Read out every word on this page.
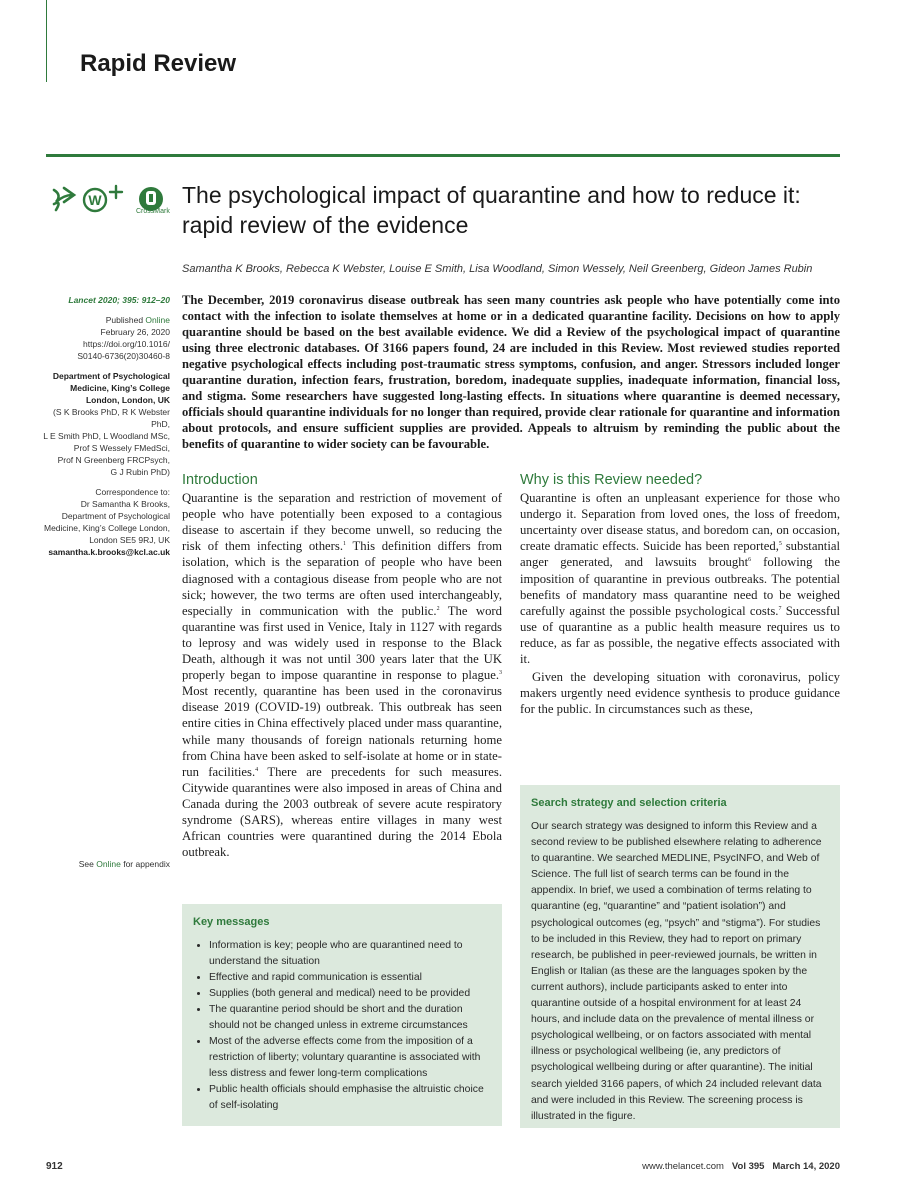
Rapid Review
W
CrossMark
The psychological impact of quarantine and how to reduce it: rapid review of the evidence
Samantha K Brooks, Rebecca K Webster, Louise E Smith, Lisa Woodland, Simon Wessely, Neil Greenberg, Gideon James Rubin
Lancet 2020; 395: 912–20
Published Online
February 26, 2020
https://doi.org/10.1016/
S0140-6736(20)30460-8
Department of Psychological
Medicine, King’s College
London, London, UK
(S K Brooks PhD, R K Webster PhD,
L E Smith PhD, L Woodland MSc,
Prof S Wessely FMedSci,
Prof N Greenberg FRCPsych,
G J Rubin PhD)
Correspondence to:
Dr Samantha K Brooks,
Department of Psychological
Medicine, King’s College London,
London SE5 9RJ, UK
samantha.k.brooks@kcl.ac.uk
See Online for appendix
The December, 2019 coronavirus disease outbreak has seen many countries ask people who have potentially come into contact with the infection to isolate themselves at home or in a dedicated quarantine facility. Decisions on how to apply quarantine should be based on the best available evidence. We did a Review of the psychological impact of quarantine using three electronic databases. Of 3166 papers found, 24 are included in this Review. Most reviewed studies reported negative psychological effects including post-traumatic stress symptoms, confusion, and anger. Stressors included longer quarantine duration, infection fears, frustration, boredom, inadequate supplies, inadequate information, financial loss, and stigma. Some researchers have suggested long-lasting effects. In situations where quarantine is deemed necessary, officials should quarantine individuals for no longer than required, provide clear rationale for quarantine and information about protocols, and ensure sufficient supplies are provided. Appeals to altruism by reminding the public about the benefits of quarantine to wider society can be favourable.
Introduction

Quarantine is the separation and restriction of movement of people who have potentially been exposed to a contagious disease to ascertain if they become unwell, so reducing the risk of them infecting others.$^1$ This definition differs from isolation, which is the separation of people who have been diagnosed with a contagious disease from people who are not sick; however, the two terms are often used interchangeably, especially in communication with the public.$^2$ The word quarantine was first used in Venice, Italy in 1127 with regards to leprosy and was widely used in response to the Black Death, although it was not until 300 years later that the UK properly began to impose quarantine in response to plague.$^3$ Most recently, quarantine has been used in the coronavirus disease 2019 (COVID-19) outbreak. This outbreak has seen entire cities in China effectively placed under mass quarantine, while many thousands of foreign nationals returning home from China have been asked to self-isolate at home or in state-run facilities.$^4$ There are precedents for such measures. Citywide quarantines were also imposed in areas of China and Canada during the 2003 outbreak of severe acute respiratory syndrome (SARS), whereas entire villages in many west African countries were quarantined during the 2014 Ebola outbreak.

Why is this Review needed?

Quarantine is often an unpleasant experience for those who undergo it. Separation from loved ones, the loss of freedom, uncertainty over disease status, and boredom can, on occasion, create dramatic effects. Suicide has been reported,$^5$ substantial anger generated, and lawsuits brought$^6$ following the imposition of quarantine in previous outbreaks. The potential benefits of mandatory mass quarantine need to be weighed carefully against the possible psychological costs.$^7$ Successful use of quarantine as a public health measure requires us to reduce, as far as possible, the negative effects associated with it.

Given the developing situation with coronavirus, policy makers urgently need evidence synthesis to produce guidance for the public. In circumstances such as these,

Key messages
• Information is key; people who are quarantined need to understand the situation
• Effective and rapid communication is essential
• Supplies (both general and medical) need to be provided
• The quarantine period should be short and the duration should not be changed unless in extreme circumstances
• Most of the adverse effects come from the imposition of a restriction of liberty; voluntary quarantine is associated with less distress and fewer long-term complications
• Public health officials should emphasise the altruistic choice of self-isolating
Search strategy and selection criteria

Our search strategy was designed to inform this Review and a second review to be published elsewhere relating to adherence to quarantine. We searched MEDLINE, PsycINFO, and Web of Science. The full list of search terms can be found in the appendix. In brief, we used a combination of terms relating to quarantine (eg, “quarantine” and “patient isolation”) and psychological outcomes (eg, “psych” and “stigma”). For studies to be included in this Review, they had to report on primary research, be published in peer-reviewed journals, be written in English or Italian (as these are the languages spoken by the current authors), include participants asked to enter into quarantine outside of a hospital environment for at least 24 hours, and include data on the prevalence of mental illness or psychological wellbeing, or on factors associated with mental illness or psychological wellbeing (ie, any predictors of psychological wellbeing during or after quarantine). The initial search yielded 3166 papers, of which 24 included relevant data and were included in this Review. The screening process is illustrated in the figure.

912	www.thelancet.com Vol 395 March 14, 2020
